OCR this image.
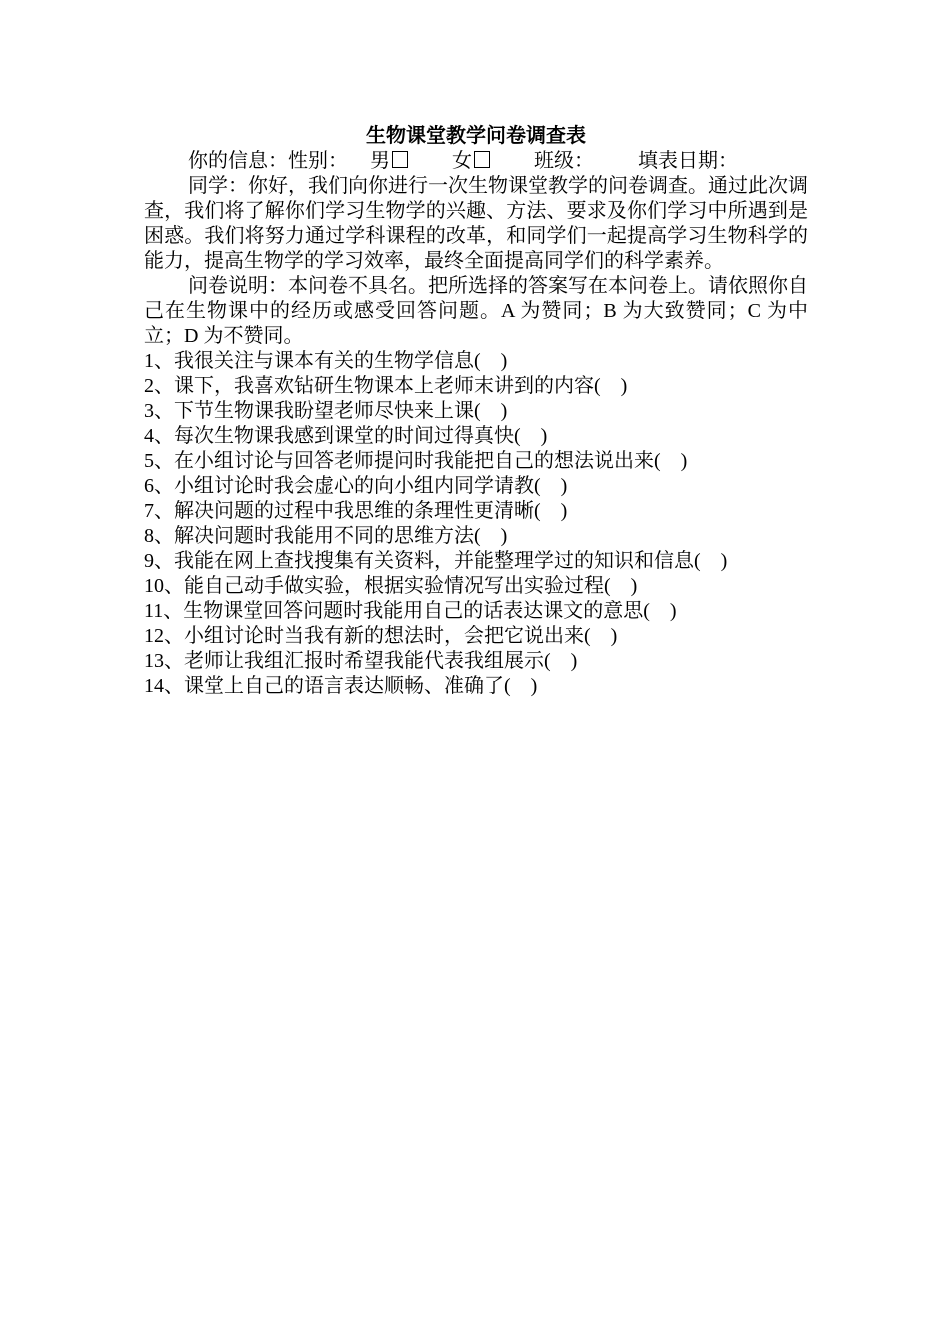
生物课堂教学问卷调查表

你的信息：性别： 男	女	班级： 填表日期：

同学：你好，我们向你进行一次生物课堂教学的问卷调查。通过此次调查，我们将了解你们学习生物学的兴趣、方法、要求及你们学习中所遇到是困惑。我们将努力通过学科课程的改革，和同学们一起提高学习生物科学的能力，提高生物学的学习效率，最终全面提高同学们的科学素养。

问卷说明：本问卷不具名。把所选择的答案写在本问卷上。请依照你自己在生物课中的经历或感受回答问题。A 为赞同；B 为大致赞同；C 为中立；D 为不赞同。

1、我很关注与课本有关的生物学信息(    )
2、课下，我喜欢钻研生物课本上老师末讲到的内容(    )
3、下节生物课我盼望老师尽快来上课(    )
4、每次生物课我感到课堂的时间过得真快(    )
5、在小组讨论与回答老师提问时我能把自己的想法说出来(    )
6、小组讨论时我会虚心的向小组内同学请教(    )
7、解决问题的过程中我思维的条理性更清晰(    )
8、解决问题时我能用不同的思维方法(    )
9、我能在网上查找搜集有关资料，并能整理学过的知识和信息(    )
10、能自己动手做实验，根据实验情况写出实验过程(    )
11、生物课堂回答问题时我能用自己的话表达课文的意思(    )
12、小组讨论时当我有新的想法时，会把它说出来(    )
13、老师让我组汇报时希望我能代表我组展示(    )
14、课堂上自己的语言表达顺畅、准确了(    )
